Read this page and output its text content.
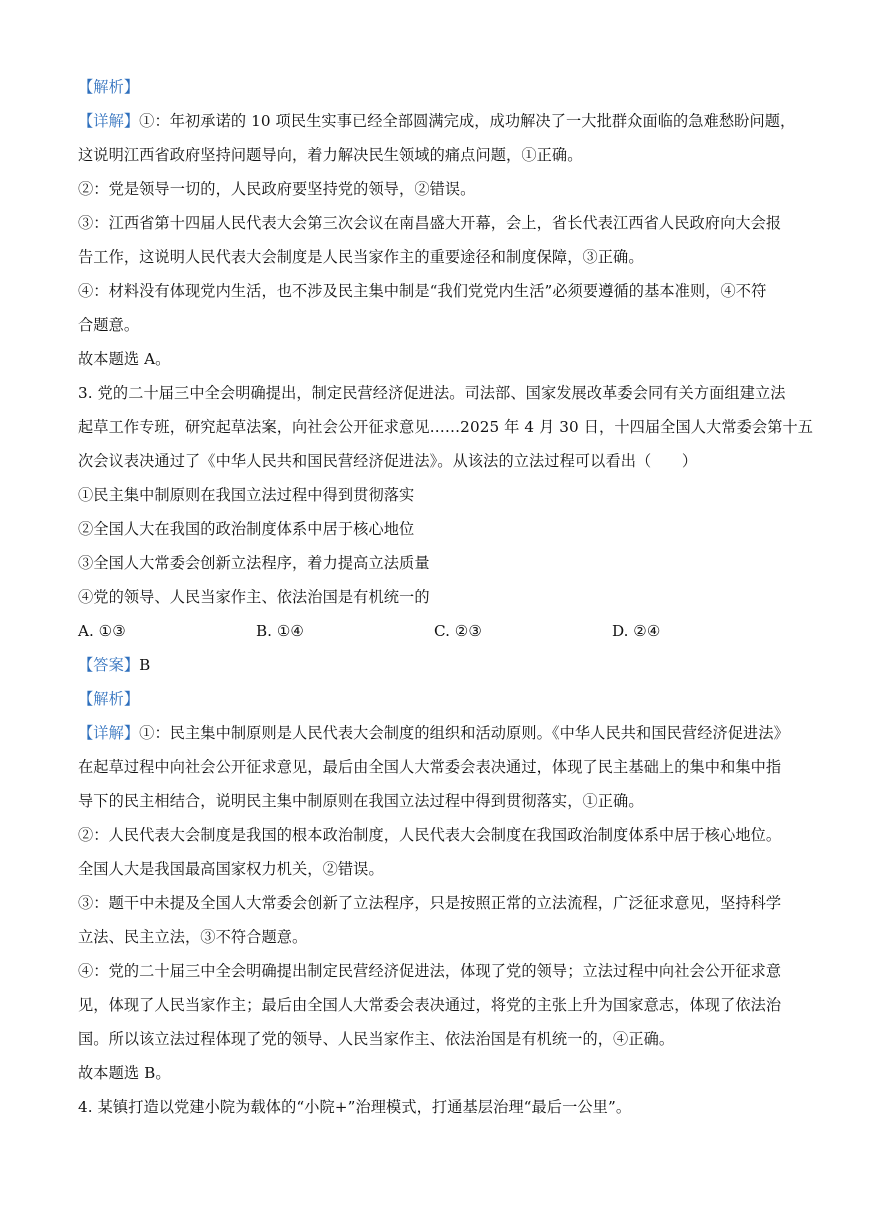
【解析】
【详解】①：年初承诺的 10 项民生实事已经全部圆满完成，成功解决了一大批群众面临的急难愁盼问题，
这说明江西省政府坚持问题导向，着力解决民生领域的痛点问题，①正确。
②：党是领导一切的，人民政府要坚持党的领导，②错误。
③：江西省第十四届人民代表大会第三次会议在南昌盛大开幕，会上，省长代表江西省人民政府向大会报
告工作，这说明人民代表大会制度是人民当家作主的重要途径和制度保障，③正确。
④：材料没有体现党内生活，也不涉及民主集中制是“我们党党内生活”必须要遵循的基本准则，④不符
合题意。
故本题选 A。
3. 党的二十届三中全会明确提出，制定民营经济促进法。司法部、国家发展改革委会同有关方面组建立法
起草工作专班，研究起草法案，向社会公开征求意见……2025 年 4 月 30 日，十四届全国人大常委会第十五
次会议表决通过了《中华人民共和国民营经济促进法》。从该法的立法过程可以看出（　　）
①民主集中制原则在我国立法过程中得到贯彻落实
②全国人大在我国的政治制度体系中居于核心地位
③全国人大常委会创新立法程序，着力提高立法质量
④党的领导、人民当家作主、依法治国是有机统一的
A. ①③	B. ①④	C. ②③	D. ②④
【答案】B
【解析】
【详解】①：民主集中制原则是人民代表大会制度的组织和活动原则。《中华人民共和国民营经济促进法》
在起草过程中向社会公开征求意见，最后由全国人大常委会表决通过，体现了民主基础上的集中和集中指
导下的民主相结合，说明民主集中制原则在我国立法过程中得到贯彻落实，①正确。
②：人民代表大会制度是我国的根本政治制度，人民代表大会制度在我国政治制度体系中居于核心地位。
全国人大是我国最高国家权力机关，②错误。
③：题干中未提及全国人大常委会创新了立法程序，只是按照正常的立法流程，广泛征求意见，坚持科学
立法、民主立法，③不符合题意。
④：党的二十届三中全会明确提出制定民营经济促进法，体现了党的领导；立法过程中向社会公开征求意
见，体现了人民当家作主；最后由全国人大常委会表决通过，将党的主张上升为国家意志，体现了依法治
国。所以该立法过程体现了党的领导、人民当家作主、依法治国是有机统一的，④正确。
故本题选 B。
4. 某镇打造以党建小院为载体的“小院+”治理模式，打通基层治理“最后一公里”。
